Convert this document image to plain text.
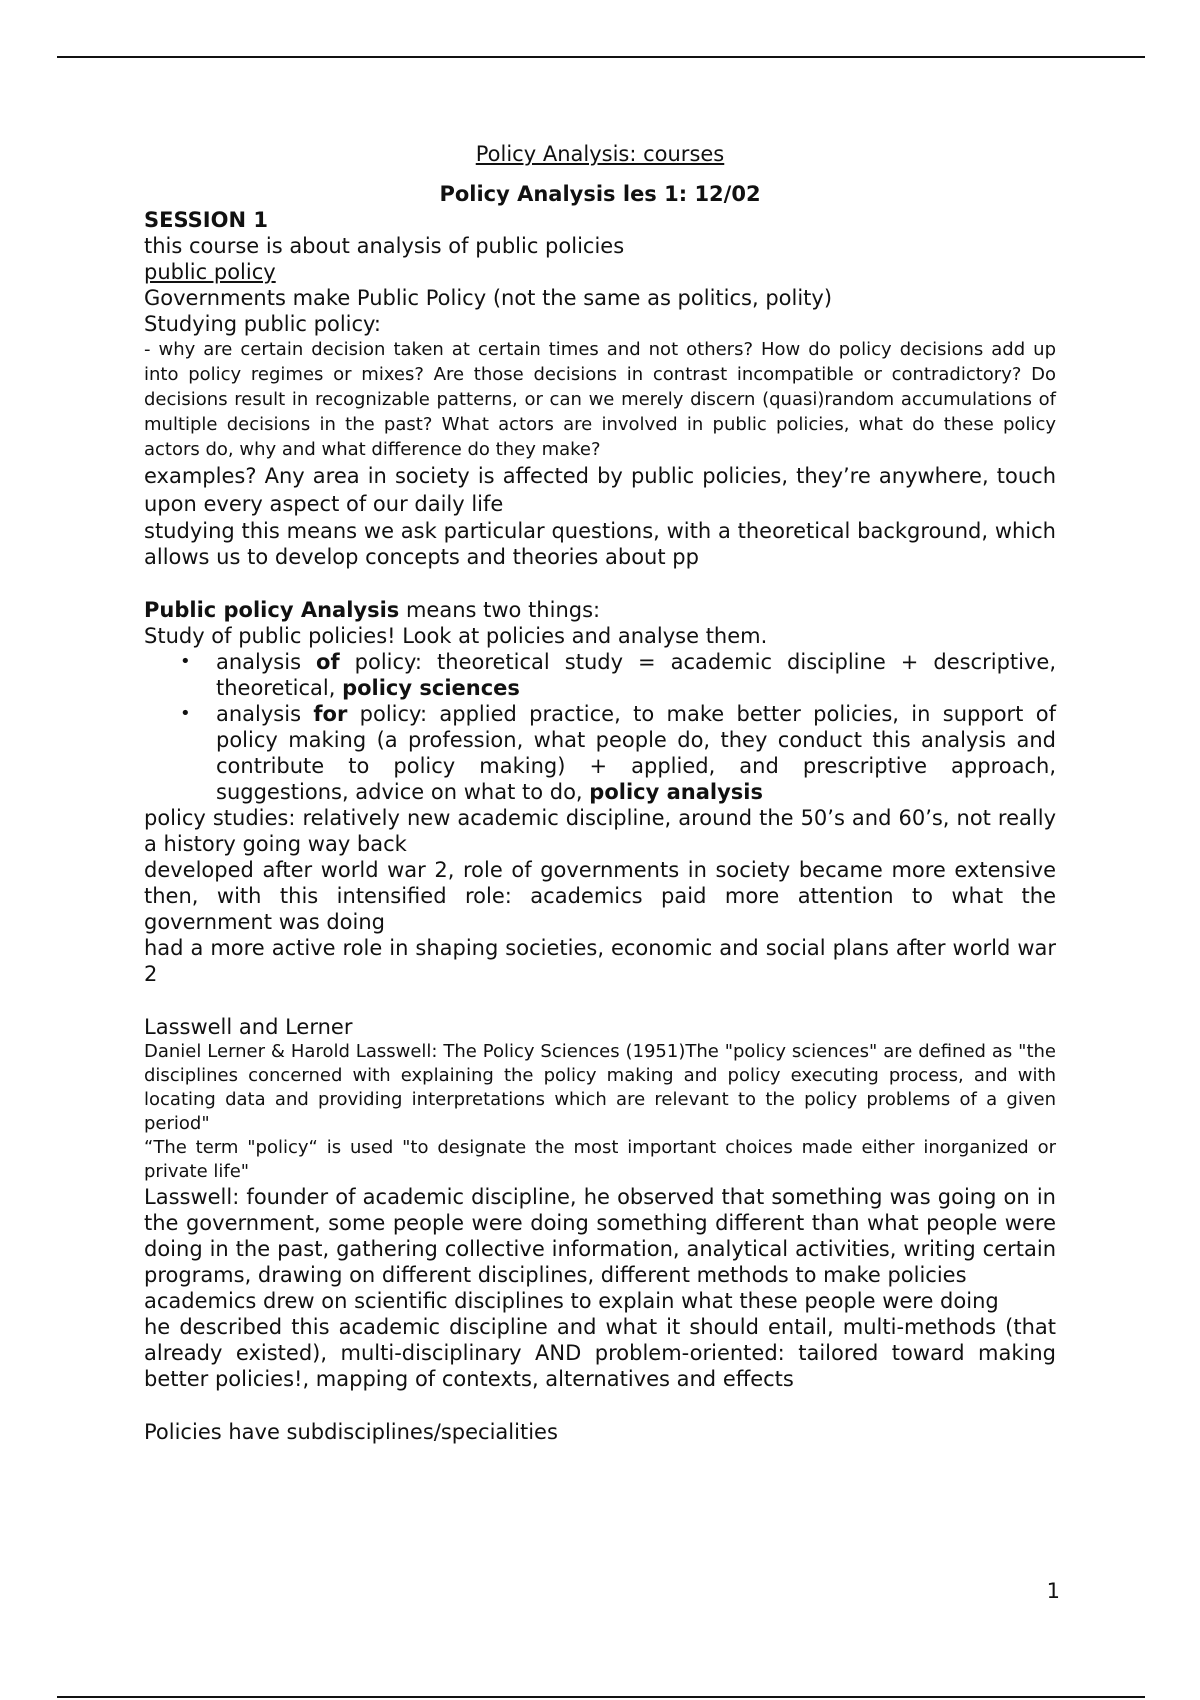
Policy Analysis: courses

Policy Analysis les 1: 12/02

SESSION 1

this course is about analysis of public policies

public policy

Governments make Public Policy (not the same as politics, polity)

Studying public policy:

- why are certain decision taken at certain times and not others? How do policy decisions add up into policy regimes or mixes? Are those decisions in contrast incompatible or contradictory? Do decisions result in recognizable patterns, or can we merely discern (quasi)random accumulations of multiple decisions in the past? What actors are involved in public policies, what do these policy actors do, why and what difference do they make?

examples? Any area in society is affected by public policies, they’re anywhere, touch upon every aspect of our daily life

studying this means we ask particular questions, with a theoretical background, which allows us to develop concepts and theories about pp

Public policy Analysis means two things:

Study of public policies! Look at policies and analyse them.

• analysis of policy: theoretical study = academic discipline + descriptive, theoretical, policy sciences
• analysis for policy: applied practice, to make better policies, in support of policy making (a profession, what people do, they conduct this analysis and contribute to policy making) + applied, and prescriptive approach, suggestions, advice on what to do, policy analysis

policy studies: relatively new academic discipline, around the 50’s and 60’s, not really a history going way back

developed after world war 2, role of governments in society became more extensive then, with this intensified role: academics paid more attention to what the government was doing

had a more active role in shaping societies, economic and social plans after world war 2

Lasswell and Lerner

Daniel Lerner & Harold Lasswell: The Policy Sciences (1951)The "policy sciences" are defined as "the disciplines concerned with explaining the policy making and policy executing process, and with locating data and providing interpretations which are relevant to the policy problems of a given period"

“The term "policy“ is used "to designate the most important choices made either inorganized or private life"

Lasswell: founder of academic discipline, he observed that something was going on in the government, some people were doing something different than what people were doing in the past, gathering collective information, analytical activities, writing certain programs, drawing on different disciplines, different methods to make policies

academics drew on scientific disciplines to explain what these people were doing

he described this academic discipline and what it should entail, multi-methods (that already existed), multi-disciplinary AND problem-oriented: tailored toward making better policies!, mapping of contexts, alternatives and effects

Policies have subdisciplines/specialities

1
